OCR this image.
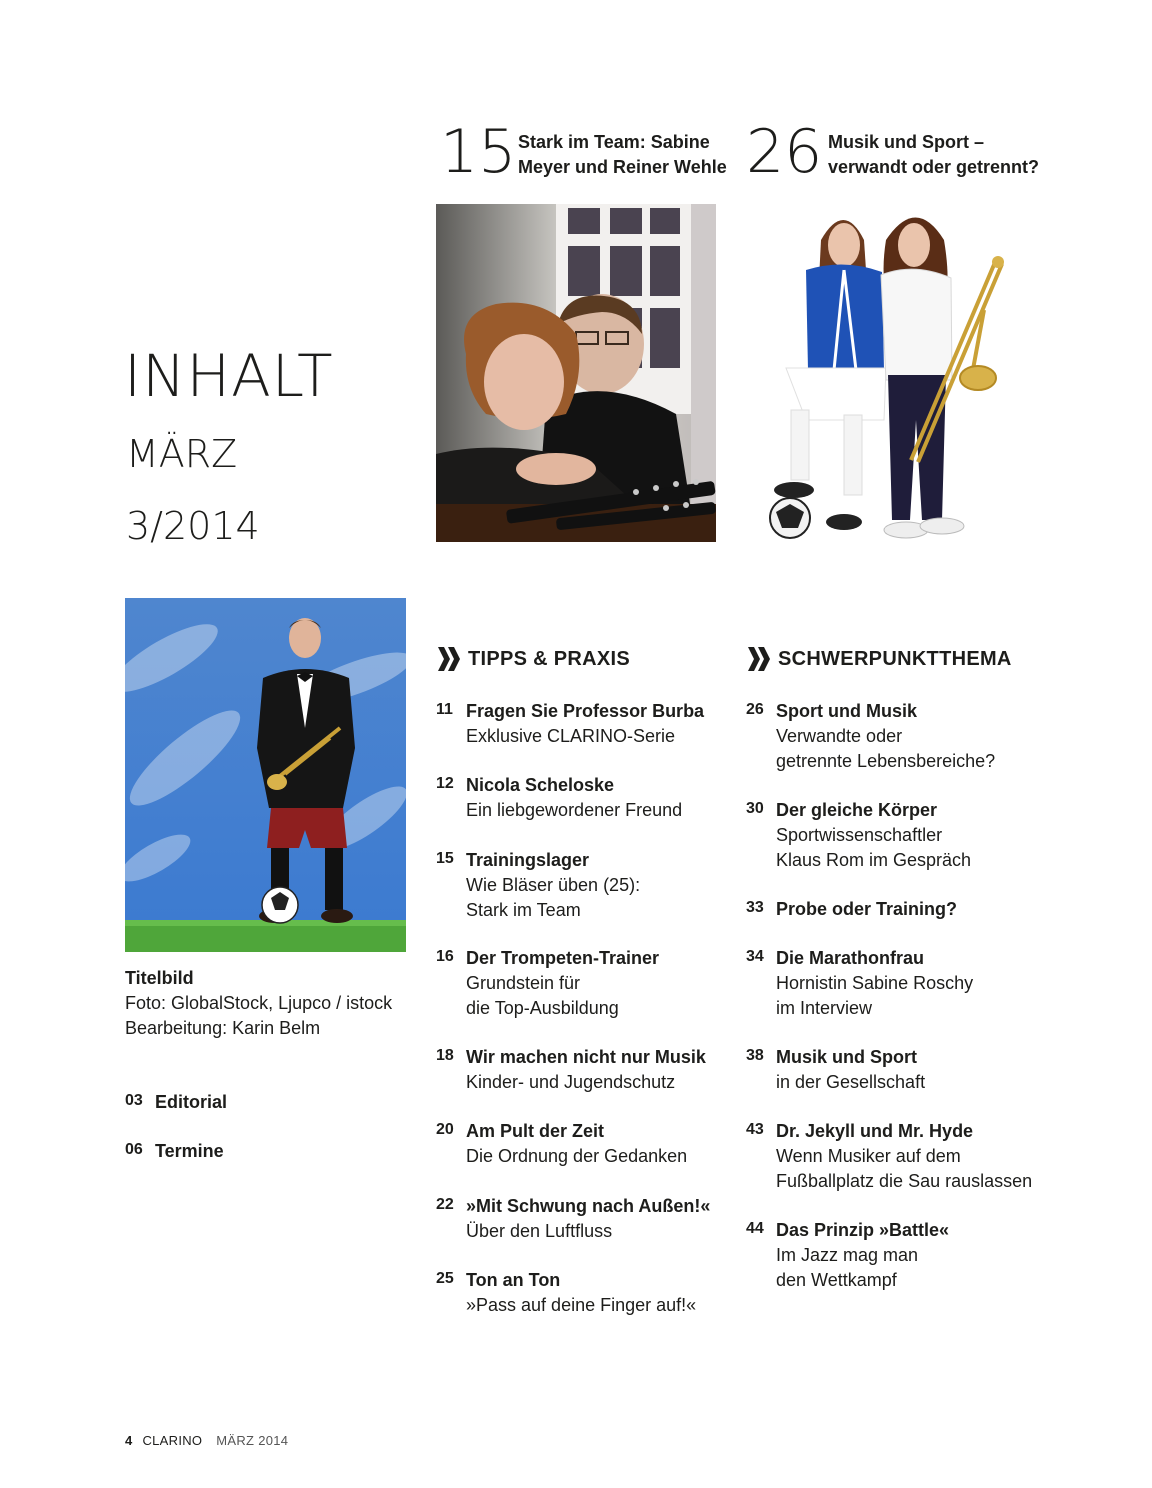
15 Stark im Team: Sabine
Meyer und Reiner Wehle 26 Musik und Sport –
verwandt oder getrennt?
INHALT
MÄRZ
3/2014
Titelbild
Foto: GlobalStock, Ljupco / istock
Bearbeitung: Karin Belm
03 Editorial
06 Termine
TIPPS & PRAXIS
11 Fragen Sie Professor Burba
Exklusive CLARINO-Serie
12 Nicola Scheloske
Ein liebgewordener Freund
15 Trainingslager
Wie Bläser üben (25):
Stark im Team
16 Der Trompeten-Trainer
Grundstein für
die Top-Ausbildung
18 Wir machen nicht nur Musik
Kinder- und Jugendschutz
20 Am Pult der Zeit
Die Ordnung der Gedanken
22 »Mit Schwung nach Außen!«
Über den Luftfluss
25 Ton an Ton
»Pass auf deine Finger auf!«
SCHWERPUNKTTHEMA
26 Sport und Musik
Verwandte oder
getrennte Lebensbereiche?
30 Der gleiche Körper
Sportwissenschaftler
Klaus Rom im Gespräch
33 Probe oder Training?
34 Die Marathonfrau
Hornistin Sabine Roschy
im Interview
38 Musik und Sport
in der Gesellschaft
43 Dr. Jekyll und Mr. Hyde
Wenn Musiker auf dem
Fußballplatz die Sau rauslassen
44 Das Prinzip »Battle«
Im Jazz mag man
den Wettkampf
4 CLARINO MÄRZ 2014
